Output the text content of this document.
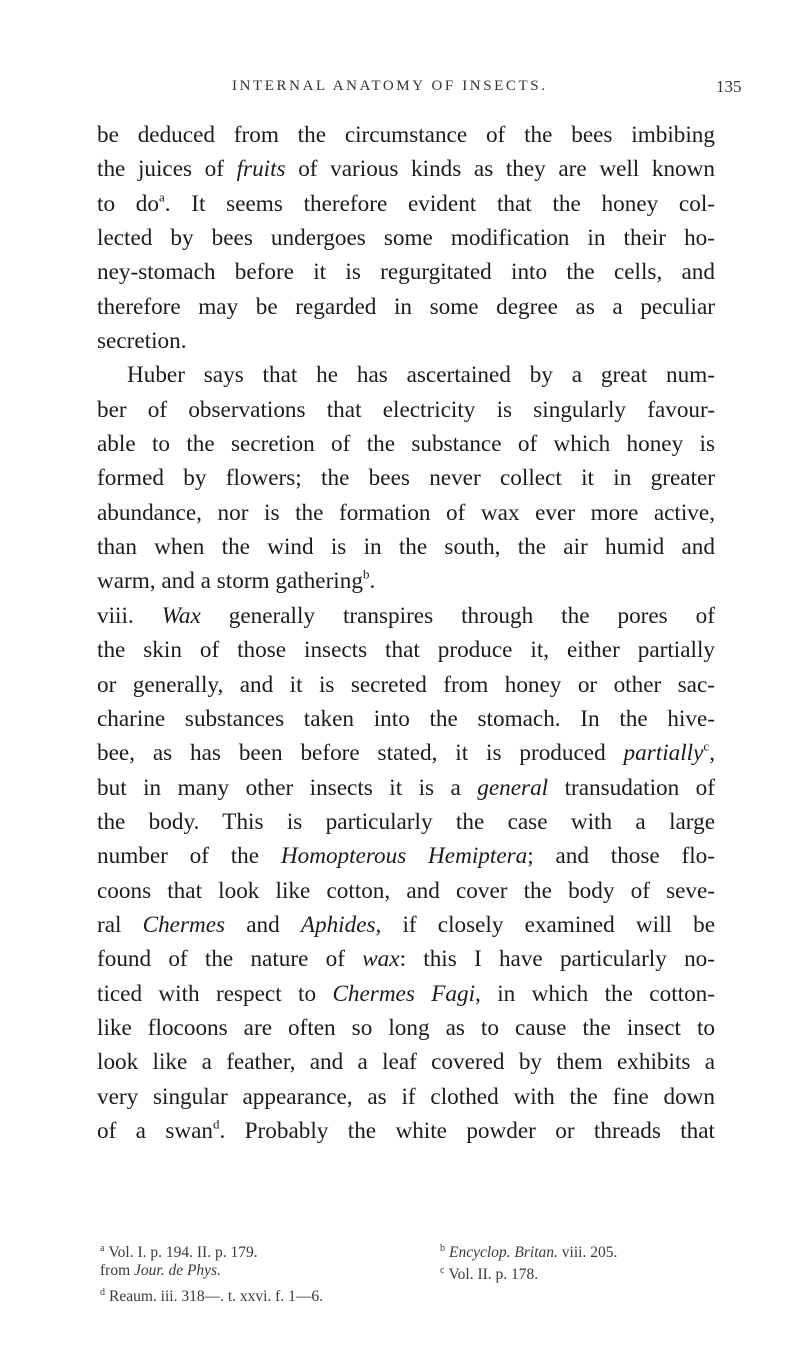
INTERNAL ANATOMY OF INSECTS.	135
be deduced from the circumstance of the bees imbibing
the juices of fruits of various kinds as they are well known
to do$^a$. It seems therefore evident that the honey col-
lected by bees undergoes some modification in their ho-
ney-stomach before it is regurgitated into the cells, and
therefore may be regarded in some degree as a peculiar
secretion.
Huber says that he has ascertained by a great num-
ber of observations that electricity is singularly favour-
able to the secretion of the substance of which honey is
formed by flowers; the bees never collect it in greater
abundance, nor is the formation of wax ever more active,
than when the wind is in the south, the air humid and
warm, and a storm gathering$^b$.
viii. Wax generally transpires through the pores of
the skin of those insects that produce it, either partially
or generally, and it is secreted from honey or other sac-
charine substances taken into the stomach. In the hive-
bee, as has been before stated, it is produced partially$^c$,
but in many other insects it is a general transudation of
the body. This is particularly the case with a large
number of the Homopterous Hemiptera; and those flo-
coons that look like cotton, and cover the body of seve-
ral Chermes and Aphides, if closely examined will be
found of the nature of wax: this I have particularly no-
ticed with respect to Chermes Fagi, in which the cotton-
like flocoons are often so long as to cause the insect to
look like a feather, and a leaf covered by them exhibits a
very singular appearance, as if clothed with the fine down
of a swan$^d$. Probably the white powder or threads that
$^a$ Vol. I. p. 194. II. p. 179.	$^b$ Encyclop. Britan. viii. 205.
from Jour. de Phys.	$^c$ Vol. II. p. 178.
$^d$ Reaum. iii. 318—. t. xxvi. f. 1—6.
